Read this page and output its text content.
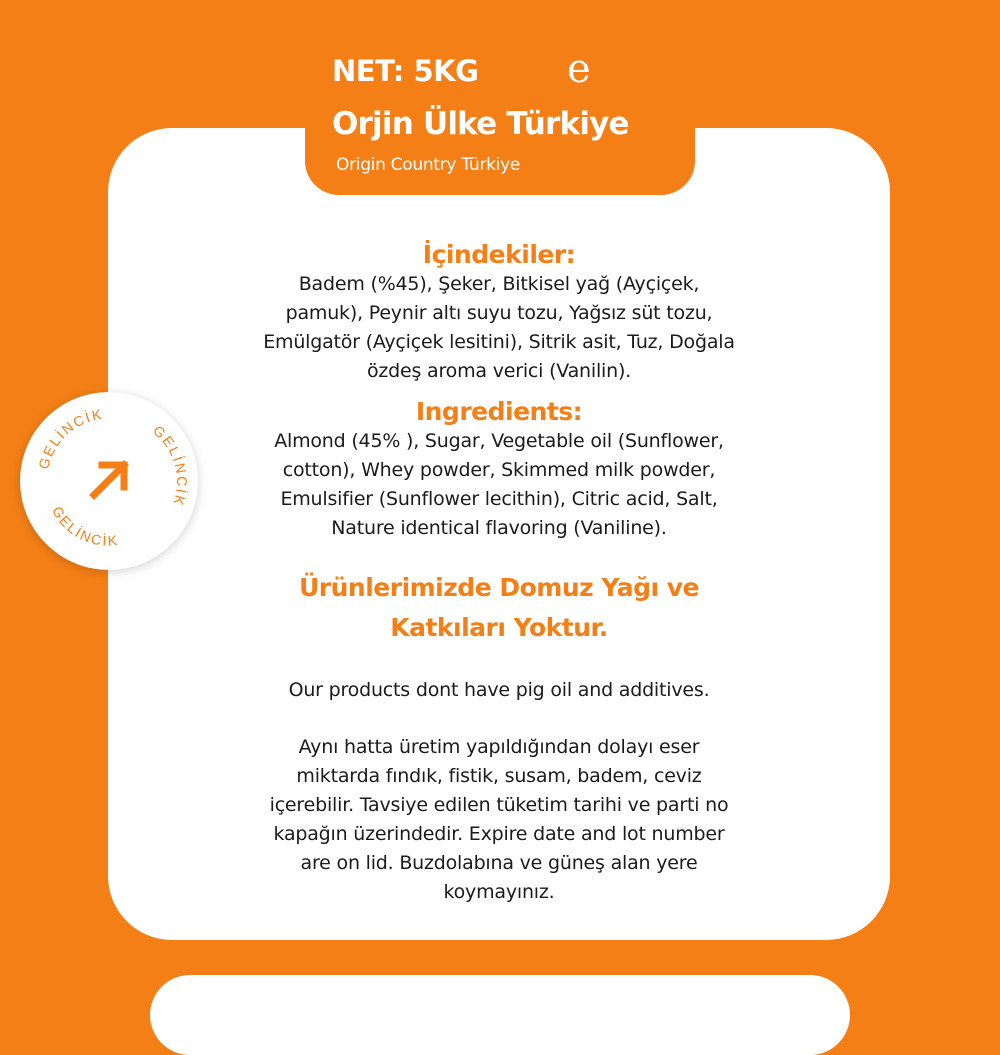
NET: 5KG e
Orjin Ülke Türkiye
Origin Country Türkiye
İçindekiler:
Badem (%45), Şeker, Bitkisel yağ (Ayçiçek,
pamuk), Peynir altı suyu tozu, Yağsız süt tozu,
Emülgatör (Ayçiçek lesitini), Sitrik asit, Tuz, Doğala
özdeş aroma verici (Vanilin).
Ingredients:
Almond (45% ), Sugar, Vegetable oil (Sunflower,
cotton), Whey powder, Skimmed milk powder,
Emulsifier (Sunflower lecithin), Citric acid, Salt,
Nature identical flavoring (Vaniline).
Ürünlerimizde Domuz Yağı ve
Katkıları Yoktur.
Our products dont have pig oil and additives.
Aynı hatta üretim yapıldığından dolayı eser
miktarda fındık, fistik, susam, badem, ceviz
içerebilir. Tavsiye edilen tüketim tarihi ve parti no
kapağın üzerindedir. Expire date and lot number
are on lid. Buzdolabına ve güneş alan yere
koymayınız.
GELİNCİK
GELİNCİK
GELİNCİK
